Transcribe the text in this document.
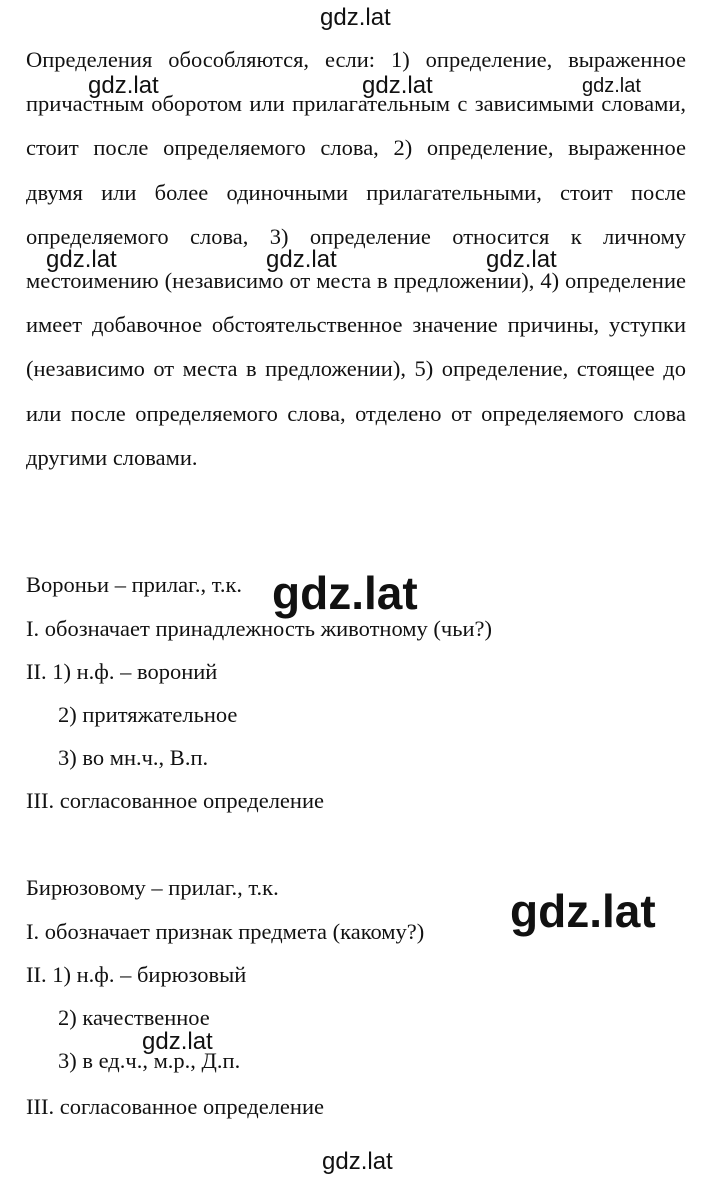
gdz.lat

Определения обособляются, если: 1) определение, выраженное причастным оборотом или прилагательным с зависимыми словами, стоит после определяемого слова, 2) определение, выраженное двумя или более одиночными прилагательными, стоит после определяемого слова, 3) определение относится к личному местоимению (независимо от места в предложении), 4) определение имеет добавочное обстоятельственное значение причины, уступки (независимо от места в предложении), 5) определение, стоящее до или после определяемого слова, отделено от определяемого слова другими словами.

gdz.lat	gdz.lat	gdz.lat
gdz.lat	gdz.lat	gdz.lat

Вороньи – прилаг., т.к.

I. обозначает принадлежность животному (чьи?)

II. 1) н.ф. – вороний

2) притяжательное

3) во мн.ч., В.п.

III. согласованное определение

gdz.lat

Бирюзовому – прилаг., т.к.

I. обозначает признак предмета (какому?)

II. 1) н.ф. – бирюзовый

2) качественное

3) в ед.ч., м.р., Д.п.

III. согласованное определение

gdz.lat
gdz.lat
gdz.lat
